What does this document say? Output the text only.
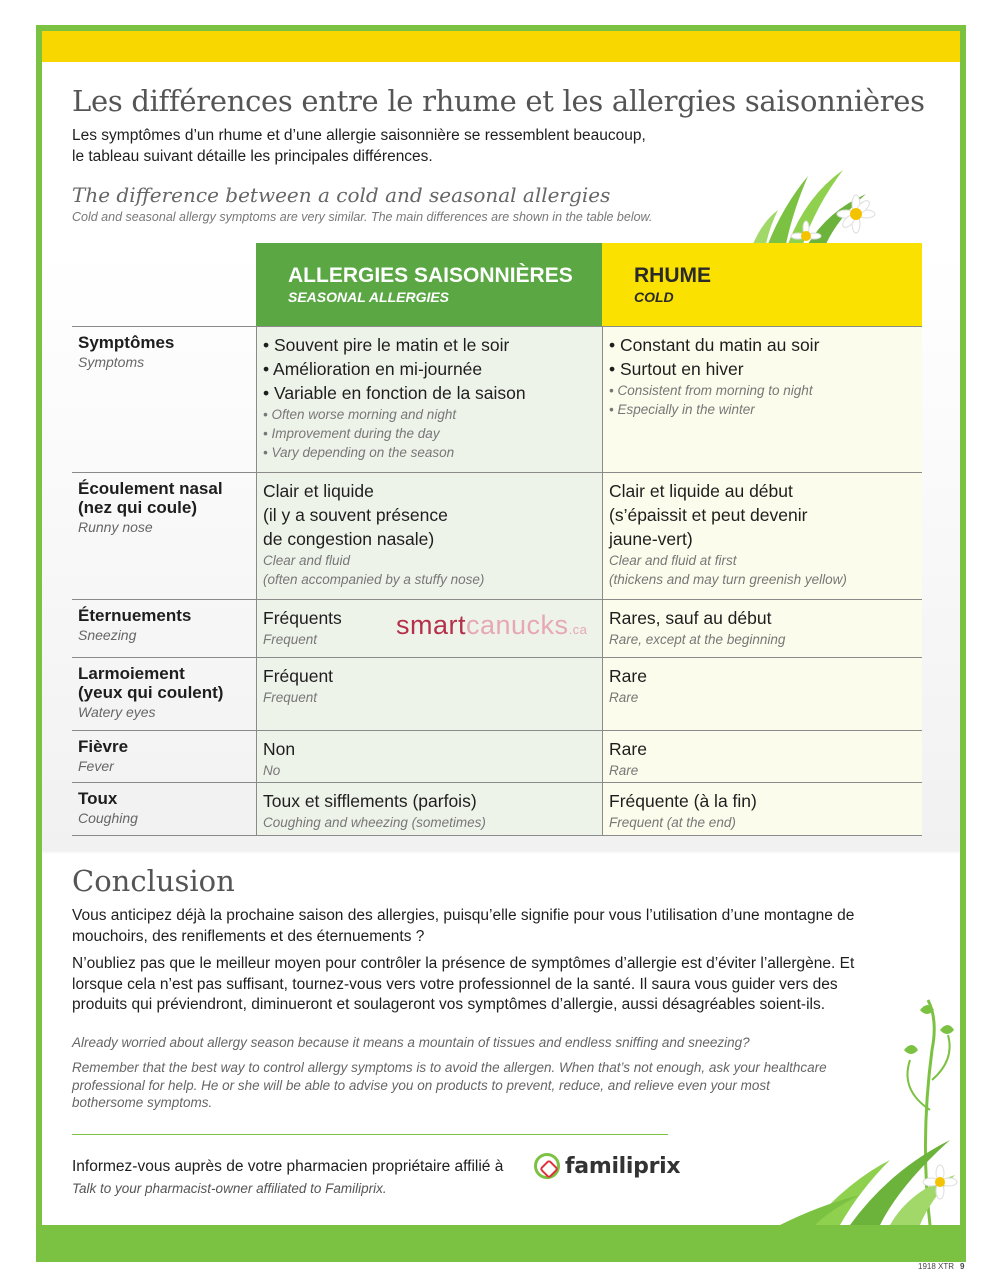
Les différences entre le rhume et les allergies saisonnières
Les symptômes d’un rhume et d’une allergie saisonnière se ressemblent beaucoup,
le tableau suivant détaille les principales différences.
The difference between a cold and seasonal allergies
Cold and seasonal allergy symptoms are very similar. The main differences are shown in the table below.
ALLERGIES SAISONNIÈRES
SEASONAL ALLERGIES
RHUME
COLD
Symptômes
Symptoms
• Souvent pire le matin et le soir
• Amélioration en mi-journée
• Variable en fonction de la saison
• Often worse morning and night
• Improvement during the day
• Vary depending on the season
• Constant du matin au soir
• Surtout en hiver
• Consistent from morning to night
• Especially in the winter
Écoulement nasal
(nez qui coule)
Runny nose
Clair et liquide
(il y a souvent présence
de congestion nasale)
Clear and fluid
(often accompanied by a stuffy nose)
Clair et liquide au début
(s’épaissit et peut devenir
jaune-vert)
Clear and fluid at first
(thickens and may turn greenish yellow)
Éternuements
Sneezing
Fréquents
Frequent
Rares, sauf au début
Rare, except at the beginning
Larmoiement
(yeux qui coulent)
Watery eyes
Fréquent
Frequent
Rare
Rare
Fièvre
Fever
Non
No
Rare
Rare
Toux
Coughing
Toux et sifflements (parfois)
Coughing and wheezing (sometimes)
Fréquente (à la fin)
Frequent (at the end)
smartcanucks.ca
Conclusion
Vous anticipez déjà la prochaine saison des allergies, puisqu’elle signifie pour vous l’utilisation d’une montagne de mouchoirs, des reniflements et des éternuements ?
N’oubliez pas que le meilleur moyen pour contrôler la présence de symptômes d’allergie est d’éviter l’allergène. Et lorsque cela n’est pas suffisant, tournez-vous vers votre professionnel de la santé. Il saura vous guider vers des produits qui préviendront, diminueront et soulageront vos symptômes d’allergie, aussi désagréables soient-ils.
Already worried about allergy season because it means a mountain of tissues and endless sniffing and sneezing?
Remember that the best way to control allergy symptoms is to avoid the allergen. When that’s not enough, ask your healthcare professional for help. He or she will be able to advise you on products to prevent, reduce, and relieve even your most bothersome symptoms.
Informez-vous auprès de votre pharmacien propriétaire affilié à	familiprix
Talk to your pharmacist-owner affiliated to Familiprix.
1918 XTR 9
